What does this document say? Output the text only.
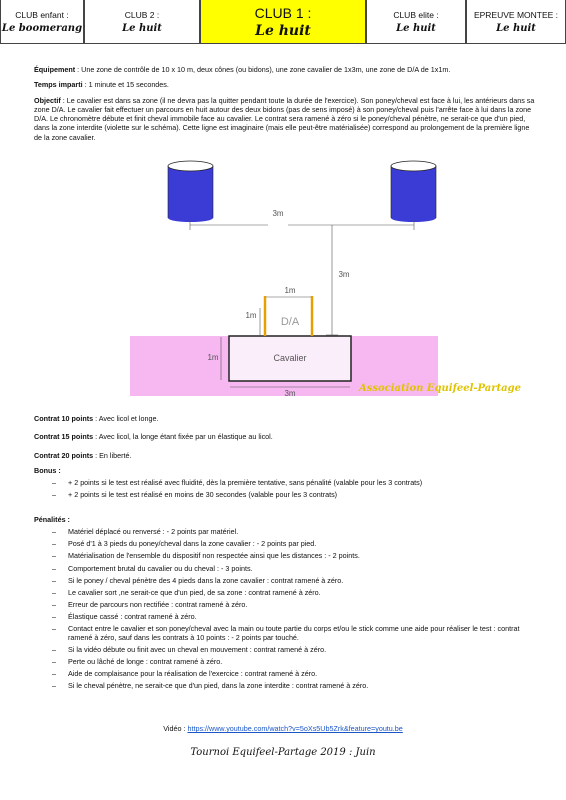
CLUB enfant :
Le boomerang
CLUB 2 :
Le huit
CLUB 1 :
Le huit
CLUB elite :
Le huit
EPREUVE MONTEE :
Le huit

Équipement : Une zone de contrôle de 10 x 10 m, deux cônes (ou bidons), une zone cavalier de 1x3m, une zone de D/A de 1x1m.

Temps imparti : 1 minute et 15 secondes.

Objectif : Le cavalier est dans sa zone (il ne devra pas la quitter pendant toute la durée de l'exercice). Son poney/cheval est face à lui, les antérieurs dans sa zone D/A. Le cavalier fait effectuer un parcours en huit autour des deux bidons (pas de sens imposé) à son poney/cheval puis l'arrête face à lui dans la zone D/A. Le chronomètre débute et finit cheval immobile face au cavalier. Le contrat sera ramené à zéro si le poney/cheval pénètre, ne serait-ce que d'un pied, dans la zone interdite (violette sur le schéma). Cette ligne est imaginaire (mais elle peut-être matérialisée) correspond au prolongement de la première ligne de la zone cavalier.

Cavalier
3m
3m
D/A
1m
1m
1m
3m	Association Equifeel-Partage

Contrat 10 points : Avec licol et longe.

Contrat 15 points : Avec licol, la longe étant fixée par un élastique au licol.

Contrat 20 points : En liberté.

Bonus :

– + 2 points si le test est réalisé avec fluidité, dès la première tentative, sans pénalité (valable pour les 3 contrats)
– + 2 points si le test est réalisé en moins de 30 secondes (valable pour les 3 contrats)

Pénalités :

– Matériel déplacé ou renversé : - 2 points par matériel.
– Posé d'1 à 3 pieds du poney/cheval dans la zone cavalier : - 2 points par pied.
– Matérialisation de l'ensemble du dispositif non respectée ainsi que les distances : - 2 points.
– Comportement brutal du cavalier ou du cheval : - 3 points.
– Si le poney / cheval pénètre des 4 pieds dans la zone cavalier : contrat ramené à zéro.
– Le cavalier sort ,ne serait-ce que d'un pied, de sa zone : contrat ramené à zéro.
– Erreur de parcours non rectifiée : contrat ramené à zéro.
– Élastique cassé : contrat ramené à zéro.
– Contact entre le cavalier et son poney/cheval avec la main ou toute partie du corps et/ou le stick comme une aide pour réaliser le test : contrat ramené à zéro, sauf dans les contrats à 10 points : - 2 points par touché.
– Si la vidéo débute ou finit avec un cheval en mouvement : contrat ramené à zéro.
– Perte ou lâché de longe : contrat ramené à zéro.
– Aide de complaisance pour la réalisation de l'exercice : contrat ramené à zéro.
– Si le cheval pénètre, ne serait-ce que d'un pied, dans la zone interdite : contrat ramené à zéro.
Vidéo : https://www.youtube.com/watch?v=5oXs5Ub5Zrk&feature=youtu.be
Tournoi Equifeel-Partage 2019 : Juin
